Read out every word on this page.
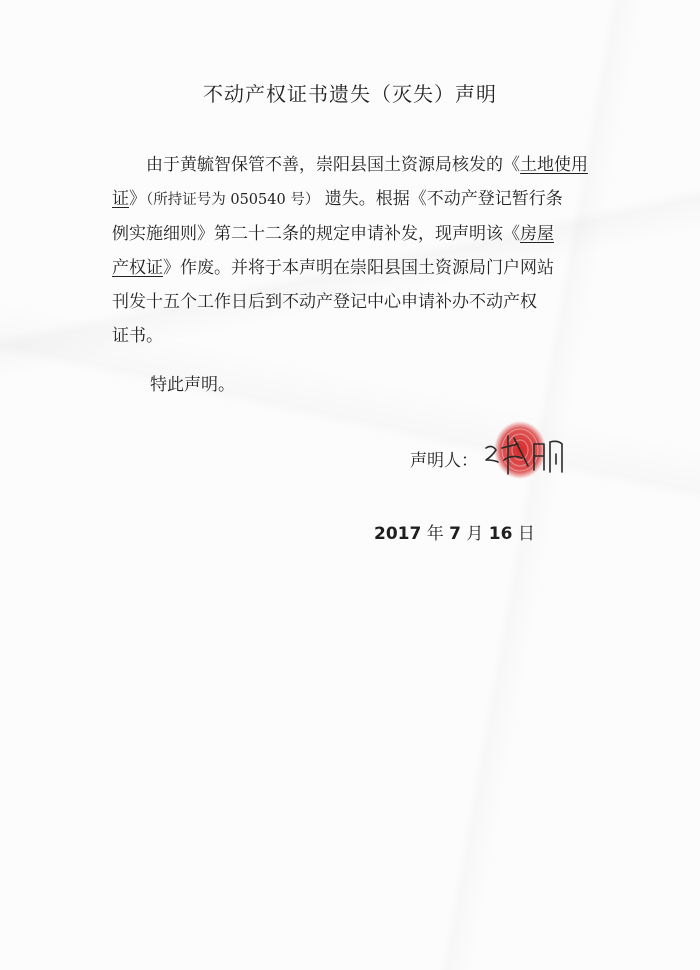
不动产权证书遗失（灭失）声明
由于黄毓智保管不善，崇阳县国土资源局核发的《土地使用
证》（所持证号为 050540 号） 遗失。根据《不动产登记暂行条
例实施细则》第二十二条的规定申请补发，现声明该《房屋
产权证》作废。并将于本声明在崇阳县国土资源局门户网站
刊发十五个工作日后到不动产登记中心申请补办不动产权
证书。
特此声明。
声明人：
2017 年 7 月 16 日
